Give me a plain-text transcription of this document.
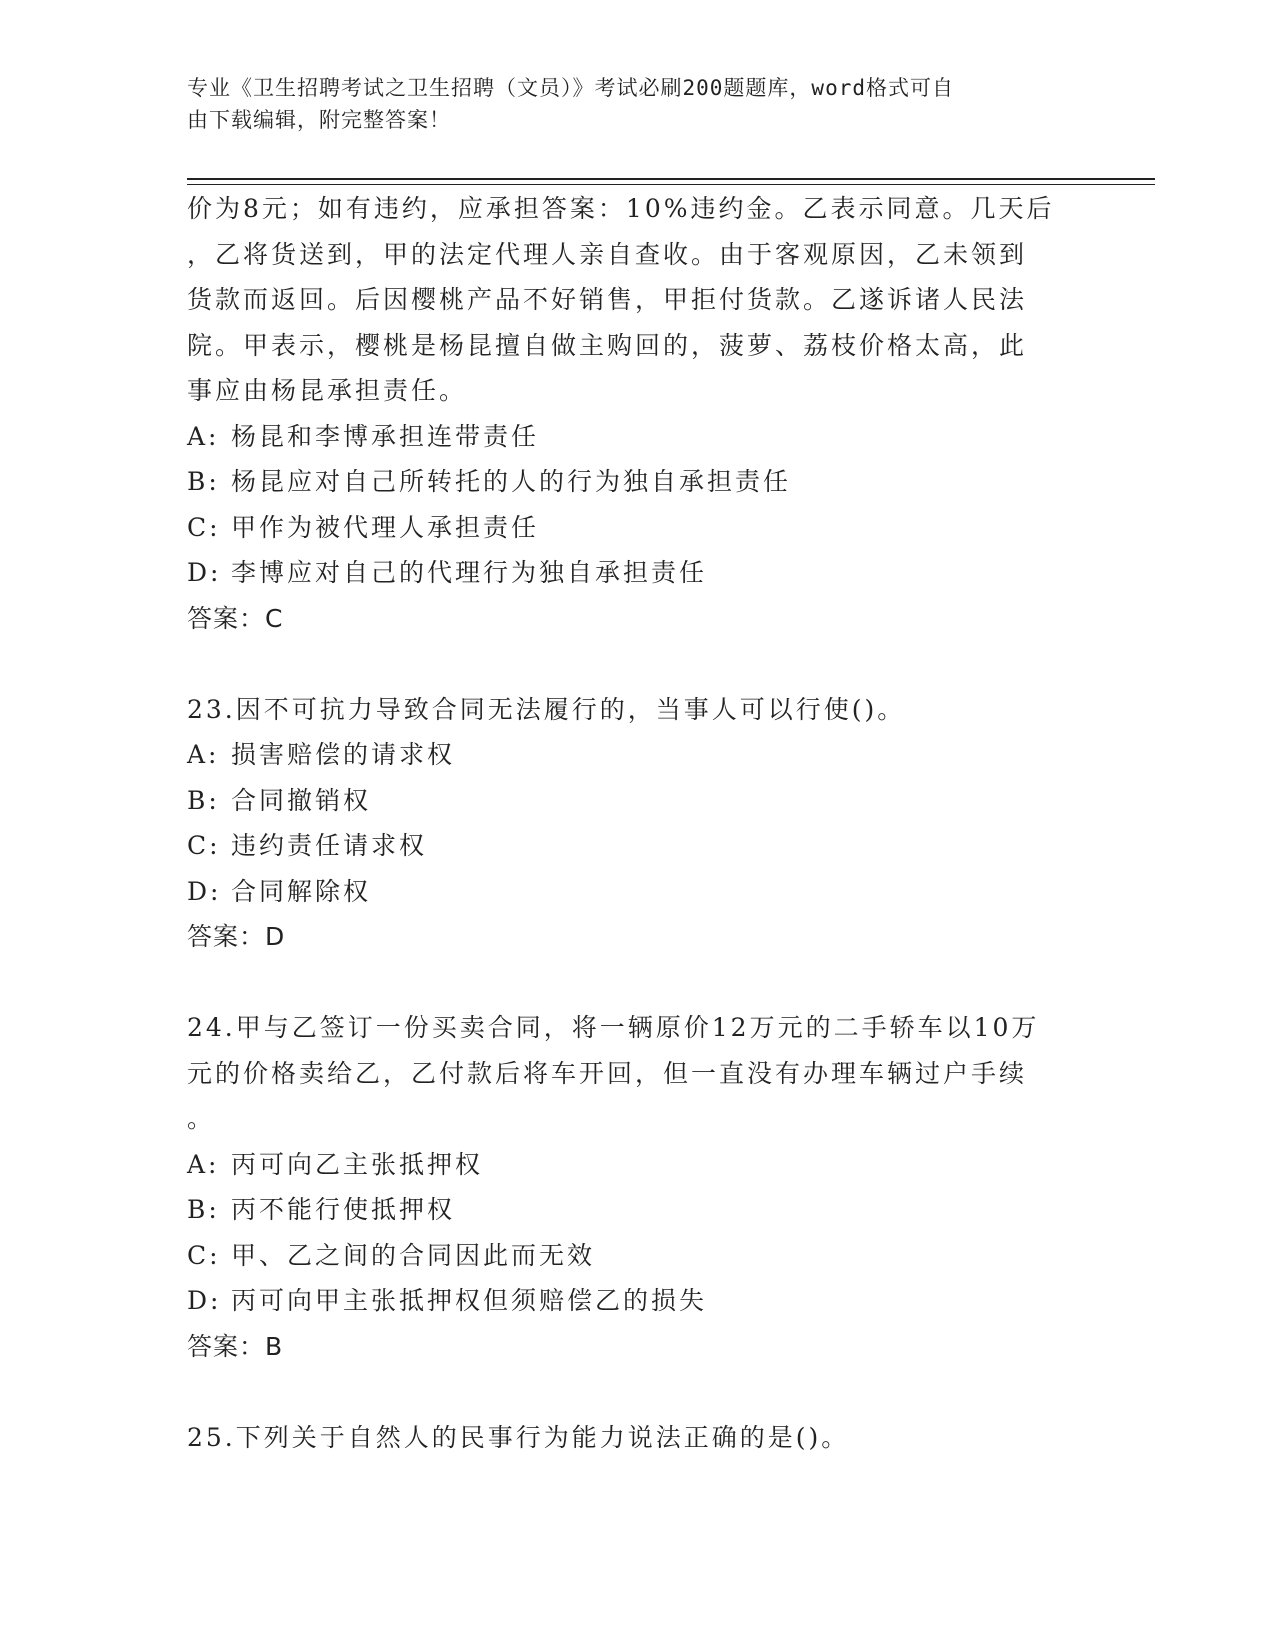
专业《卫生招聘考试之卫生招聘（文员）》考试必刷200题题库，word格式可自
由下载编辑，附完整答案！
价为8元；如有违约，应承担答案：10%违约金。乙表示同意。几天后
，乙将货送到，甲的法定代理人亲自查收。由于客观原因，乙未领到
货款而返回。后因樱桃产品不好销售，甲拒付货款。乙遂诉诸人民法
院。甲表示，樱桃是杨昆擅自做主购回的，菠萝、荔枝价格太高，此
事应由杨昆承担责任。
A: 杨昆和李博承担连带责任
B: 杨昆应对自己所转托的人的行为独自承担责任
C: 甲作为被代理人承担责任
D: 李博应对自己的代理行为独自承担责任
答案：C
23.因不可抗力导致合同无法履行的，当事人可以行使()。
A: 损害赔偿的请求权
B: 合同撤销权
C: 违约责任请求权
D: 合同解除权
答案：D
24.甲与乙签订一份买卖合同，将一辆原价12万元的二手轿车以10万
元的价格卖给乙，乙付款后将车开回，但一直没有办理车辆过户手续
。
A: 丙可向乙主张抵押权
B: 丙不能行使抵押权
C: 甲、乙之间的合同因此而无效
D: 丙可向甲主张抵押权但须赔偿乙的损失
答案：B
25.下列关于自然人的民事行为能力说法正确的是()。
